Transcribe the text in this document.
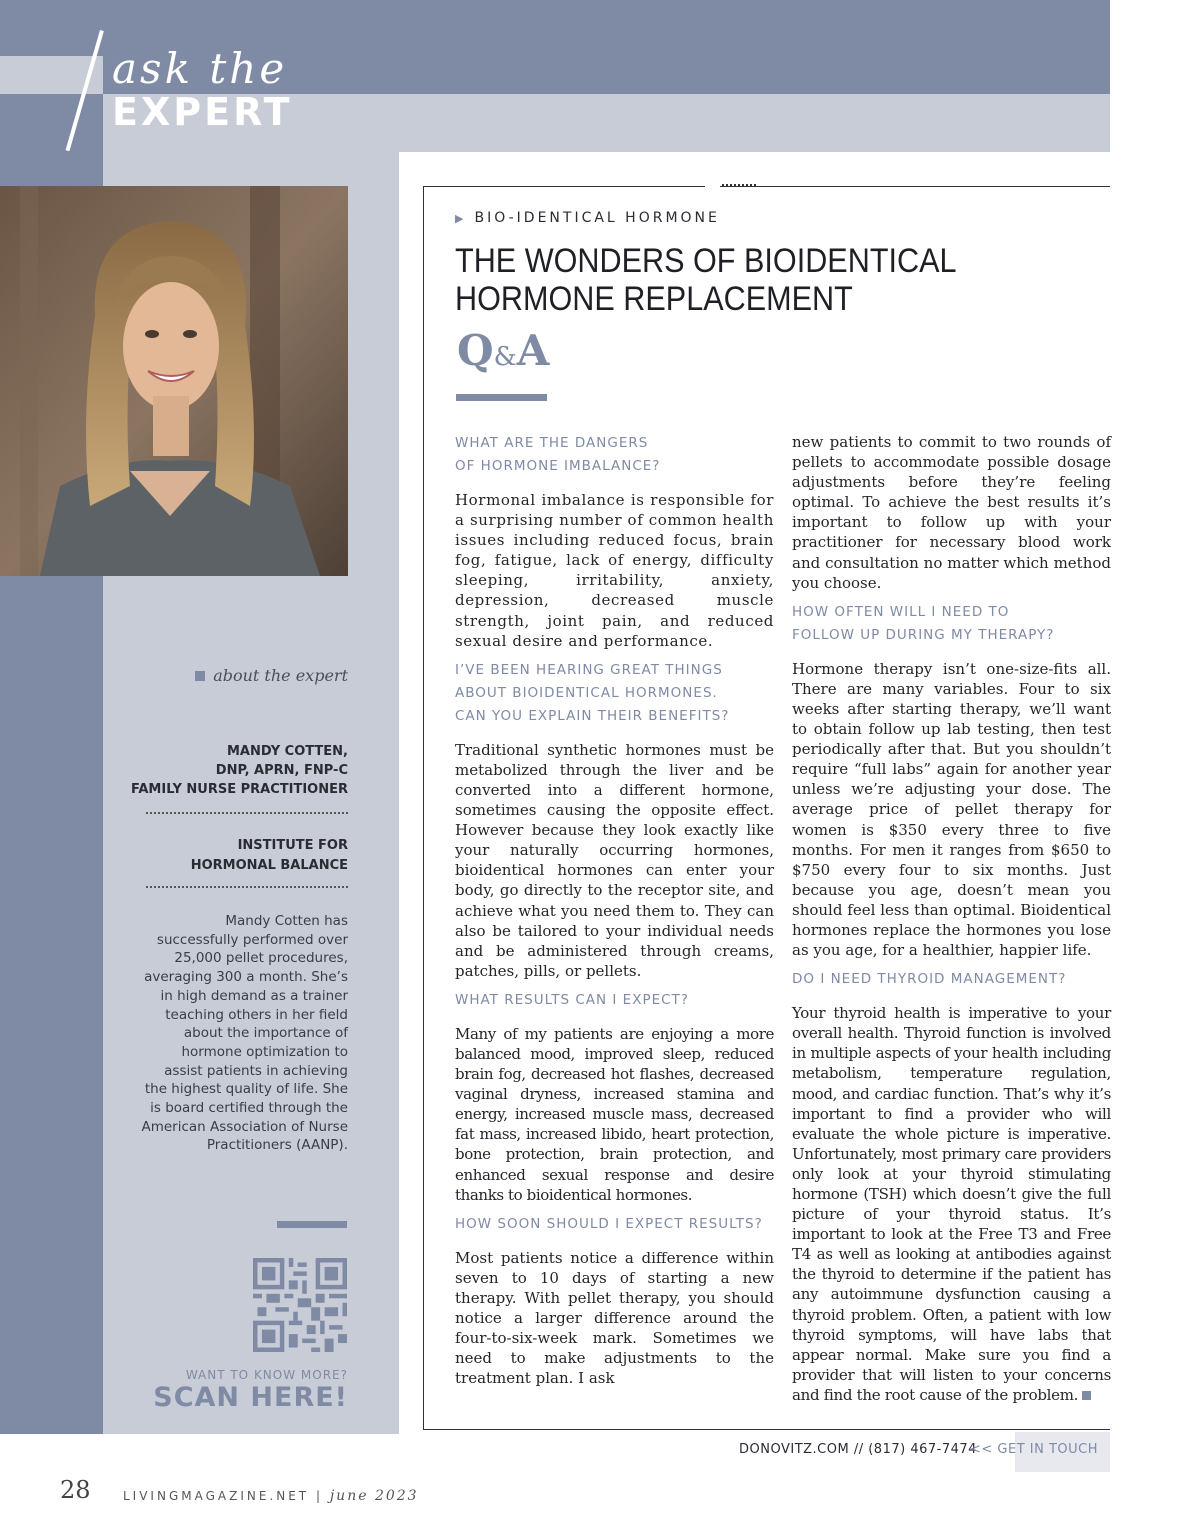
ask the
EXPERT
about the expert
MANDY COTTEN,
DNP, APRN, FNP-C
FAMILY NURSE PRACTITIONER
INSTITUTE FOR
HORMONAL BALANCE
Mandy Cotten has successfully performed over 25,000 pellet procedures, averaging 300 a month. She’s in high demand as a trainer teaching others in her field about the importance of hormone optimization to assist patients in achieving the highest quality of life. She is board certified through the American Association of Nurse Practitioners (AANP).
WANT TO KNOW MORE?
SCAN HERE!
▶ BIO-IDENTICAL HORMONE
THE WONDERS OF BIOIDENTICAL
HORMONE REPLACEMENT
Q&A
WHAT ARE THE DANGERS
OF HORMONE IMBALANCE?

Hormonal imbalance is responsible for a surprising number of common health issues including reduced focus, brain fog, fatigue, lack of energy, difficulty sleeping, irritability, anxiety, depression, decreased muscle strength, joint pain, and reduced sexual desire and performance.

I’VE BEEN HEARING GREAT THINGS
ABOUT BIOIDENTICAL HORMONES.
CAN YOU EXPLAIN THEIR BENEFITS?

Traditional synthetic hormones must be metabolized through the liver and be converted into a different hormone, sometimes causing the opposite effect. However because they look exactly like your naturally occurring hormones, bioidentical hormones can enter your body, go directly to the receptor site, and achieve what you need them to. They can also be tailored to your individual needs and be administered through creams, patches, pills, or pellets.

WHAT RESULTS CAN I EXPECT?

Many of my patients are enjoying a more balanced mood, improved sleep, reduced brain fog, decreased hot flashes, decreased vaginal dryness, increased stamina and energy, increased muscle mass, decreased fat mass, increased libido, heart protection, bone protection, brain protection, and enhanced sexual response and desire thanks to bioidentical hormones.

HOW SOON SHOULD I EXPECT RESULTS?

Most patients notice a difference within seven to 10 days of starting a new therapy. With pellet therapy, you should notice a larger difference around the four-to-six-week mark. Sometimes we need to make adjustments to the treatment plan. I ask

new patients to commit to two rounds of pellets to accommodate possible dosage adjustments before they’re feeling optimal. To achieve the best results it’s important to follow up with your practitioner for necessary blood work and consultation no matter which method you choose.

HOW OFTEN WILL I NEED TO
FOLLOW UP DURING MY THERAPY?

Hormone therapy isn’t one-size-fits all. There are many variables. Four to six weeks after starting therapy, we’ll want to obtain follow up lab testing, then test periodically after that. But you shouldn’t require “full labs” again for another year unless we’re adjusting your dose. The average price of pellet therapy for women is $350 every three to five months. For men it ranges from $650 to $750 every four to six months. Just because you age, doesn’t mean you should feel less than optimal. Bioidentical hormones replace the hormones you lose as you age, for a healthier, happier life.

DO I NEED THYROID MANAGEMENT?

Your thyroid health is imperative to your overall health. Thyroid function is involved in multiple aspects of your health including metabolism, temperature regulation, mood, and cardiac function. That’s why it’s important to find a provider who will evaluate the whole picture is imperative. Unfortunately, most primary care providers only look at your thyroid stimulating hormone (TSH) which doesn’t give the full picture of your thyroid status. It’s important to look at the Free T3 and Free T4 as well as looking at antibodies against the thyroid to determine if the patient has any autoimmune dysfunction causing a thyroid problem. Often, a patient with low thyroid symptoms, will have labs that appear normal. Make sure you find a provider that will listen to your concerns and find the root cause of the problem.

DONOVITZ.COM // (817) 467-7474
<< GET IN TOUCH
28	LIVINGMAGAZINE.NET | june 2023
